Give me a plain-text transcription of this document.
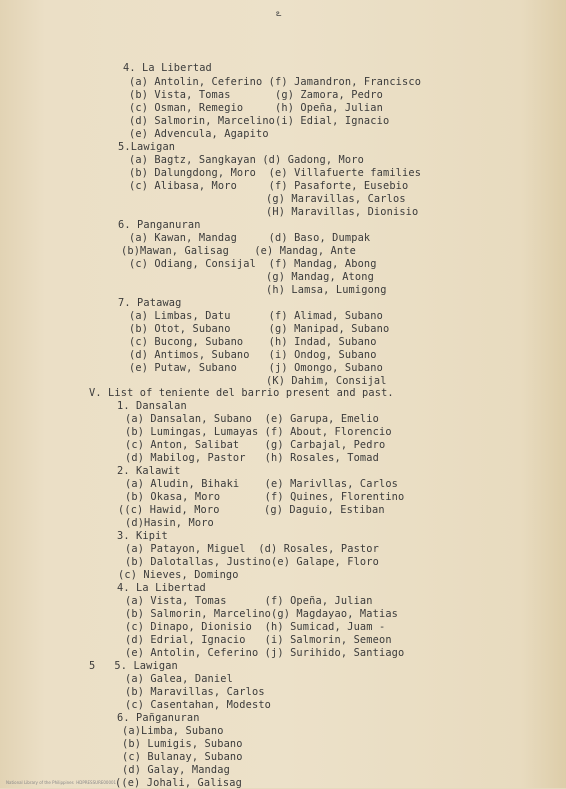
ఽ
4. La Libertad
(a) Antolin, Ceferino (f) Jamandron, Francisco
(b) Vista, Tomas       (g) Zamora, Pedro
(c) Osman, Remegio     (h) Opeña, Julian
(d) Salmorin, Marcelino(i) Edial, Ignacio
(e) Advencula, Agapito
5.Lawigan
(a) Bagtz, Sangkayan (d) Gadong, Moro
(b) Dalungdong, Moro  (e) Villafuerte families
(c) Alibasa, Moro     (f) Pasaforte, Eusebio
(g) Maravillas, Carlos
(H) Maravillas, Dionisio
6. Panganuran
(a) Kawan, Mandag     (d) Baso, Dumpak
(b)Mawan, Galisag    (e) Mandag, Ante
(c) Odiang, Consijal  (f) Mandag, Abong
(g) Mandag, Atong
(h) Lamsa, Lumigong
7. Patawag
(a) Limbas, Datu      (f) Alimad, Subano
(b) Otot, Subano      (g) Manipad, Subano
(c) Bucong, Subano    (h) Indad, Subano
(d) Antimos, Subano   (i) Ondog, Subano
(e) Putaw, Subano     (j) Omongo, Subano
(K) Dahim, Consijal
V. List of teniente del barrio present and past.
1. Dansalan
(a) Dansalan, Subano  (e) Garupa, Emelio
(b) Lumingas, Lumayas (f) About, Florencio
(c) Anton, Salibat    (g) Carbajal, Pedro
(d) Mabilog, Pastor   (h) Rosales, Tomad
2. Kalawit
(a) Aludin, Bihaki    (e) Marivllas, Carlos
(b) Okasa, Moro       (f) Quines, Florentino
((c) Hawid, Moro       (g) Daguio, Estiban
(d)Hasin, Moro
3. Kipit
(a) Patayon, Miguel  (d) Rosales, Pastor
(b) Dalotallas, Justino(e) Galape, Floro
(c) Nieves, Domingo
4. La Libertad
(a) Vista, Tomas      (f) Opeña, Julian
(b) Salmorin, Marcelino(g) Magdayao, Matias
(c) Dinapo, Dionisio  (h) Sumicad, Juam -
(d) Edrial, Ignacio   (i) Salmorin, Semeon
(e) Antolin, Ceferino (j) Surihido, Santiago
5   5. Lawigan
(a) Galea, Daniel
(b) Maravillas, Carlos
(c) Casentahan, Modesto
6. Pañganuran
(a)Limba, Subano
(b) Lumigis, Subano
(c) Bulanay, Subano
(d) Galay, Mandag
((e) Johali, Galisag
National Library of the Philippines  HDPRESSURE00001
